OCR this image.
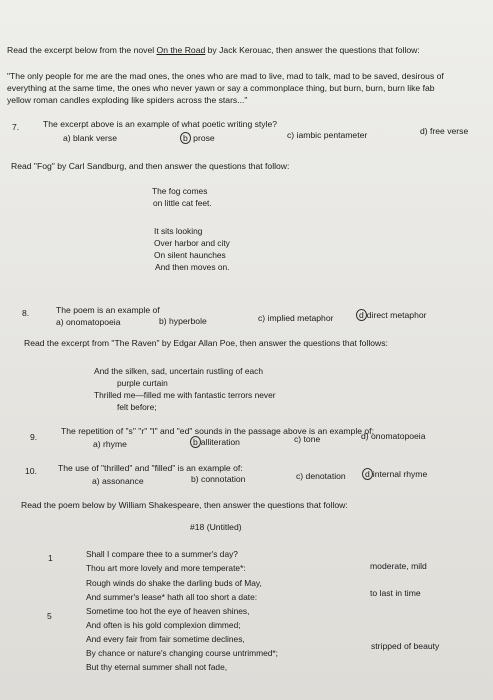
Read the excerpt below from the novel On the Road by Jack Kerouac, then answer the questions that follow:
"The only people for me are the mad ones, the ones who are mad to live, mad to talk, mad to be saved, desirous of
everything at the same time, the ones who never yawn or say a commonplace thing, but burn, burn, burn like fab
yellow roman candles exploding like spiders across the stars..."
7.	The excerpt above is an example of what poetic writing style?
a) blank verse	b prose	c) iambic pentameter	d) free verse
Read "Fog" by Carl Sandburg, and then answer the questions that follow:
The fog comes
on little cat feet.
It sits looking
Over harbor and city
On silent haunches
And then moves on.
8.	The poem is an example of
a) onomatopoeia	b) hyperbole	c) implied metaphor	d direct metaphor
Read the excerpt from "The Raven" by Edgar Allan Poe, then answer the questions that follows:
And the silken, sad, uncertain rustling of each
purple curtain
Thrilled me—filled me with fantastic terrors never
felt before;
9.
The repetition of "s" "r" "l" and "ed" sounds in the passage above is an example of:
a) rhyme	b alliteration	c) tone	d) onomatopoeia
10. The use of "thrilled" and "filled" is an example of:
a) assonance	b) connotation	c) denotation	d internal rhyme
Read the poem below by William Shakespeare, then answer the questions that follow:
#18 (Untitled)
1
5
Shall I compare thee to a summer's day?
Thou art more lovely and more temperate*:
Rough winds do shake the darling buds of May,
And summer's lease* hath all too short a date:
Sometime too hot the eye of heaven shines,
And often is his gold complexion dimmed;
And every fair from fair sometime declines,
By chance or nature's changing course untrimmed*;
But thy eternal summer shall not fade,
moderate, mild
to last in time
stripped of beauty
